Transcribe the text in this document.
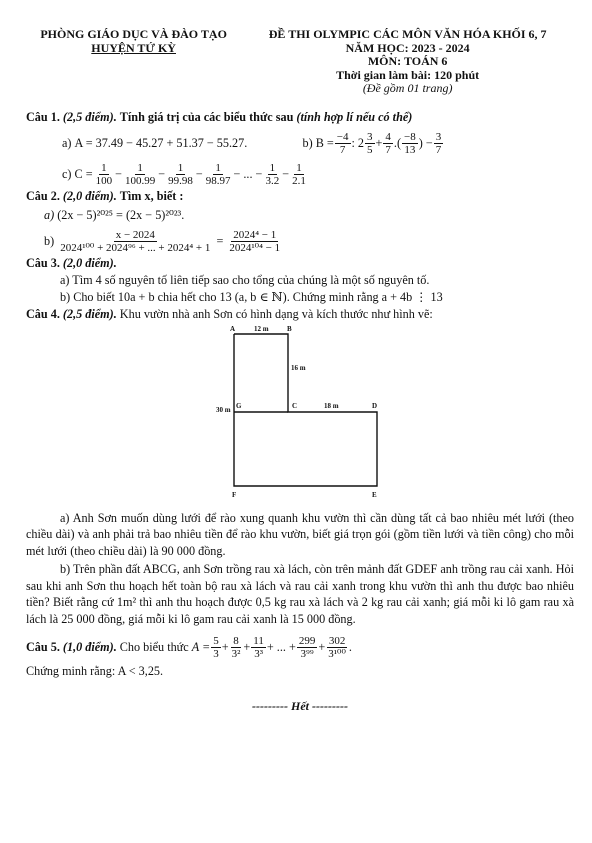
PHÒNG GIÁO DỤC VÀ ĐÀO TẠO
HUYỆN TỨ KỲ
ĐỀ THI OLYMPIC CÁC MÔN VĂN HÓA KHỐI 6, 7
NĂM HỌC: 2023 - 2024
MÔN: TOÁN 6
Thời gian làm bài: 120 phút
(Đề gồm 01 trang)
Câu 1. (2,5 điểm). Tính giá trị của các biểu thức sau (tính hợp lí nếu có thể)
a)
A = 37.49 − 45.27 + 51.37 − 55.27.	b)
$B = \frac{-4}{7}$ : $2 \frac{3}{5} + \frac{4}{7}$ .( $\frac{-8}{13}$ ) − $\frac{3}{7}$
c)
$C = \frac{1}{100} - \frac{1}{100.99} - \frac{1}{99.98} - \frac{1}{98.97}$ − ... − $\frac{1}{3.2} - \frac{1}{2.1}$
Câu 2. (2,0 điểm). Tìm x, biết :
a) (2x − 5)²⁰²⁵ = (2x − 5)²⁰²³.
b)
$\frac{x - 2024}{\text{2024¹⁰⁰ + 2024⁹⁶ + ... + 2024⁴ + 1}}$
=
$\frac{\text{2024⁴ − 1}}{\text{2024¹⁰⁴ − 1}}$
Câu 3. (2,0 điểm).
a) Tìm 4 số nguyên tố liên tiếp sao cho tổng của chúng là một số nguyên tố.
b) Cho biết 10a + b chia hết cho 13 (a, b ∈ ℕ). Chứng minh rằng a + 4b ⋮ 13
Câu 4. (2,5 điểm). Khu vườn nhà anh Sơn có hình dạng và kích thước như hình vẽ:
A	B
G	C	D
F	E
12 m
16 m
18 m
30 m
a) Anh Sơn muốn dùng lưới để rào xung quanh khu vườn thì cần dùng tất cả bao nhiêu mét lưới (theo chiều dài) và anh phải trả bao nhiêu tiền để rào khu vườn, biết giá trọn gói (gồm tiền lưới và tiền công) cho mỗi mét lưới (theo chiều dài) là 90 000 đồng.
b) Trên phần đất ABCG, anh Sơn trồng rau xà lách, còn trên mảnh đất GDEF anh trồng rau cải xanh. Hỏi sau khi anh Sơn thu hoạch hết toàn bộ rau xà lách và rau cải xanh trong khu vườn thì anh thu được bao nhiêu tiền? Biết rằng cứ 1m² thì anh thu hoạch được 0,5 kg rau xà lách và 2 kg rau cải xanh; giá mỗi ki lô gam rau xà lách là 25 000 đồng, giá mỗi ki lô gam rau cải xanh là 15 000 đồng.
Câu 5.
(1,0 điểm).
Cho biểu thức
$A = \frac{5}{3} + \frac{8}{\text{3²}} + \frac{11}{\text{3³}}$ + ... + $\frac{299}{\text{3⁹⁹}} + \frac{302}{\text{3¹⁰⁰}}$ .
Chứng minh rằng: A < 3,25.
--------- Hết ---------
